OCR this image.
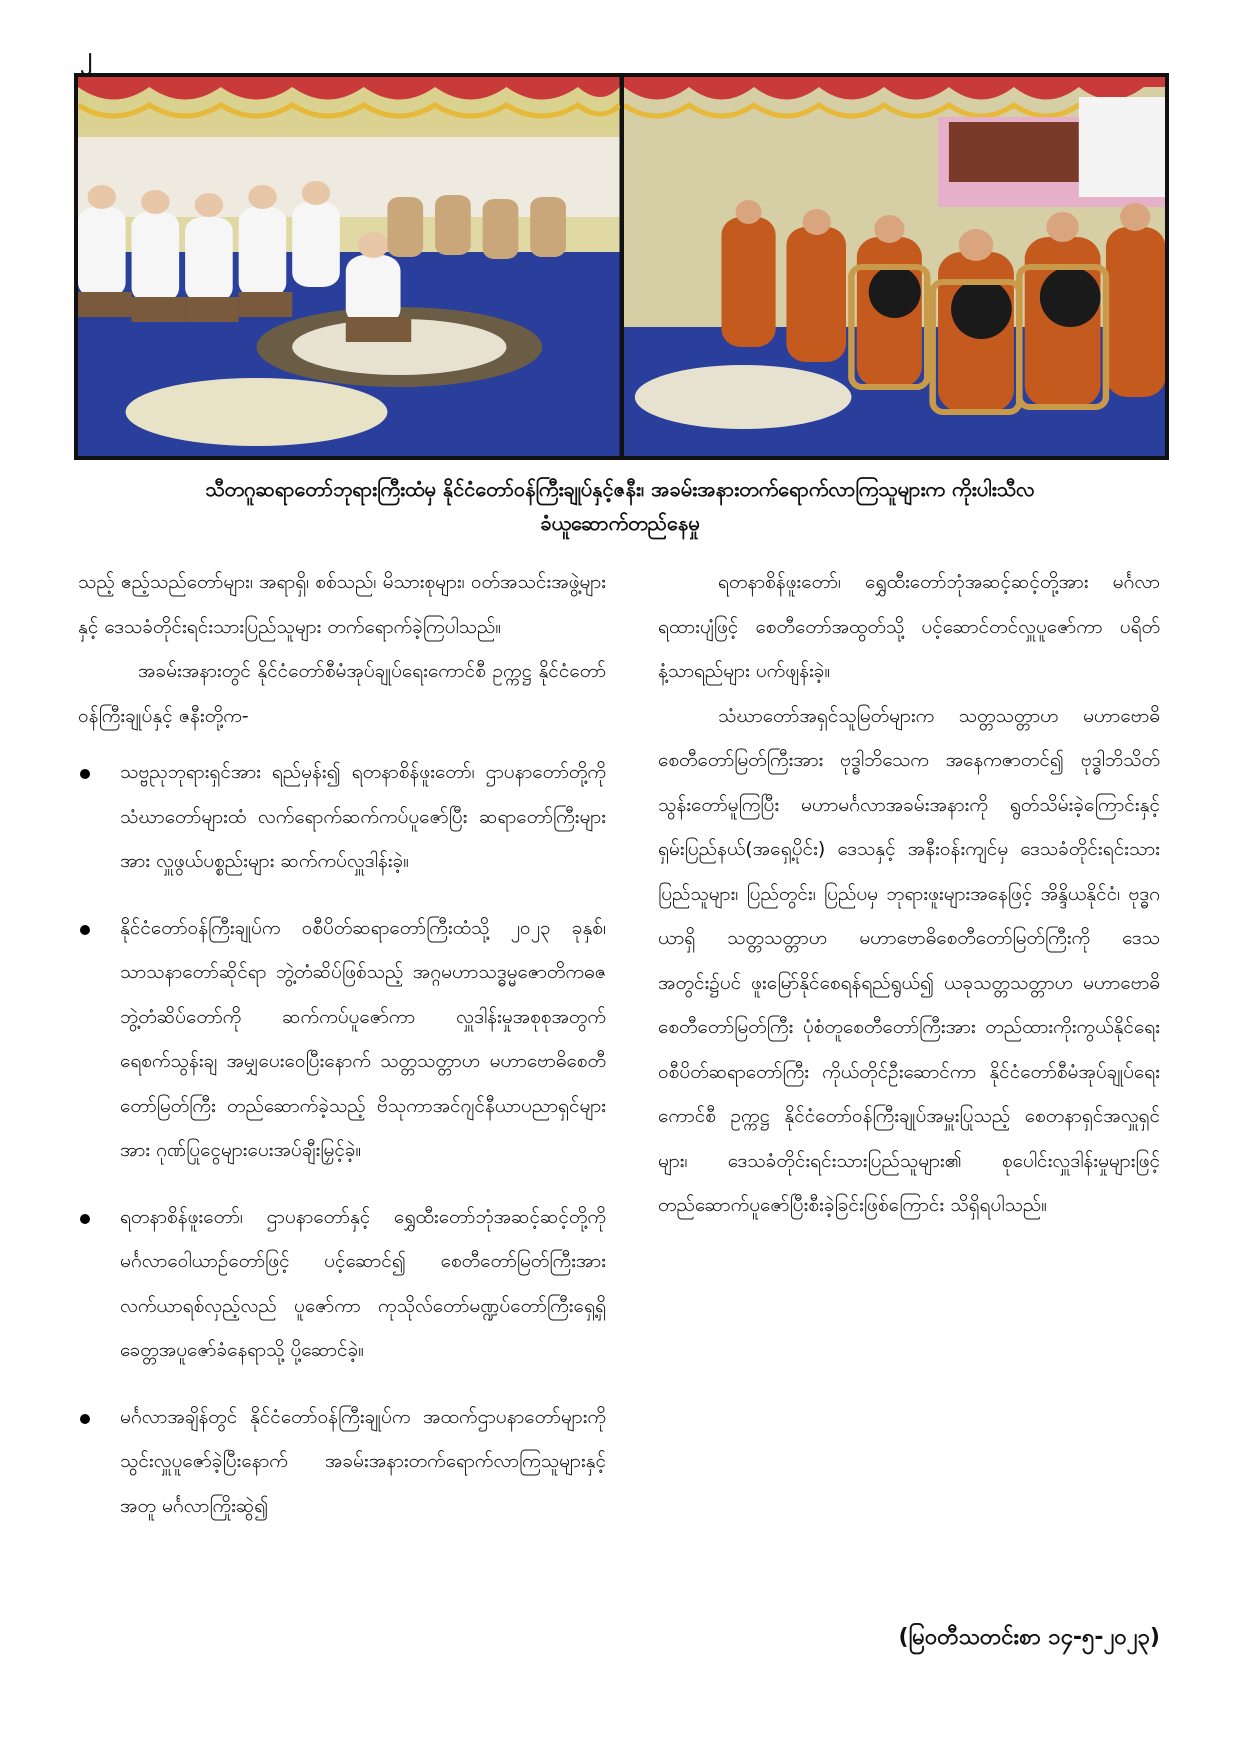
၂
သီတဂူဆရာတော်ဘုရားကြီးထံမှ နိုင်ငံတော်ဝန်ကြီးချုပ်နှင့်ဇနီး၊ အခမ်းအနားတက်ရောက်လာကြသူများက ကိုးပါးသီလ
ခံယူဆောက်တည်နေမှု

သည့် ဧည့်သည်တော်များ၊ အရာရှိ၊ စစ်သည်၊ မိသားစုများ၊ ဝတ်အသင်းအဖွဲ့များနှင့် ဒေသခံတိုင်းရင်းသားပြည်သူများ တက်ရောက်ခဲ့ကြပါသည်။

အခမ်းအနားတွင် နိုင်ငံတော်စီမံအုပ်ချုပ်ရေးကောင်စီ ဥက္ကဋ္ဌ နိုင်ငံတော်ဝန်ကြီးချုပ်နှင့် ဇနီးတို့က-

သဗ္ဗညုဘုရားရှင်အား ရည်မှန်း၍ ရတနာစိန်ဖူးတော်၊ ဌာပနာတော်တို့ကို သံဃာတော်များထံ လက်ရောက်ဆက်ကပ်ပူဇော်ပြီး ဆရာတော်ကြီးများအား လှူဖွယ်ပစ္စည်းများ ဆက်ကပ်လှူဒါန်းခဲ့။
နိုင်ငံတော်ဝန်ကြီးချုပ်က ဝစီပိတ်ဆရာတော်ကြီးထံသို့ ၂၀၂၃ ခုနှစ်၊ သာသနာတော်ဆိုင်ရာ ဘွဲ့တံဆိပ်ဖြစ်သည့် အဂ္ဂမဟာသဒ္ဓမ္မဇောတိကဓဇ ဘွဲ့တံဆိပ်တော်ကို ဆက်ကပ်ပူဇော်ကာ လှူဒါန်းမှုအစုစုအတွက် ရေစက်သွန်းချ အမျှပေးဝေပြီးနောက် သတ္တသတ္တာဟ မဟာဗောဓိစေတီတော်မြတ်ကြီး တည်ဆောက်ခဲ့သည့် ဗိသုကာအင်ဂျင်နီယာပညာရှင်များအား ဂုဏ်ပြုငွေများပေးအပ်ချီးမြှင့်ခဲ့။
ရတနာစိန်ဖူးတော်၊ ဌာပနာတော်နှင့် ရွှေထီးတော်ဘုံအဆင့်ဆင့်တို့ကို မင်္ဂလာဝေါယာဉ်တော်ဖြင့် ပင့်ဆောင်၍ စေတီတော်မြတ်ကြီးအား လက်ယာရစ်လှည့်လည် ပူဇော်ကာ ကုသိုလ်တော်မဏ္ဍပ်တော်ကြီးရှေ့ရှိ ခေတ္တအပူဇော်ခံနေရာသို့ ပို့ဆောင်ခဲ့။
မင်္ဂလာအချိန်တွင် နိုင်ငံတော်ဝန်ကြီးချုပ်က အထက်ဌာပနာတော်များကို သွင်းလှူပူဇော်ခဲ့ပြီးနောက် အခမ်းအနားတက်ရောက်လာကြသူများနှင့်အတူ မင်္ဂလာကြိုးဆွဲ၍

ရတနာစိန်ဖူးတော်၊ ရွှေထီးတော်ဘုံအဆင့်ဆင့်တို့အား မင်္ဂလာရထားပျံဖြင့် စေတီတော်အထွတ်သို့ ပင့်ဆောင်တင်လှူပူဇော်ကာ ပရိတ်နံ့သာရည်များ ပက်ဖျန်းခဲ့။

သံဃာတော်အရှင်သူမြတ်များက သတ္တသတ္တာဟ မဟာဗောဓိစေတီတော်မြတ်ကြီးအား ဗုဒ္ဓါဘိသေက အနေကဇာတင်၍ ဗုဒ္ဓါဘိသိတ်သွန်းတော်မူကြပြီး မဟာမင်္ဂလာအခမ်းအနားကို ရွတ်သိမ်းခဲ့ကြောင်းနှင့် ရှမ်းပြည်နယ်(အရှေ့ပိုင်း) ဒေသနှင့် အနီးဝန်းကျင်မှ ဒေသခံတိုင်းရင်းသားပြည်သူများ၊ ပြည်တွင်း၊ ပြည်ပမှ ဘုရားဖူးများအနေဖြင့် အိန္ဒိယနိုင်ငံ၊ ဗုဒ္ဓဂယာရှိ သတ္တသတ္တာဟ မဟာဗောဓိစေတီတော်မြတ်ကြီးကို ဒေသအတွင်း၌ပင် ဖူးမြော်နိုင်စေရန်ရည်ရွယ်၍ ယခုသတ္တသတ္တာဟ မဟာဗောဓိစေတီတော်မြတ်ကြီး ပုံစံတူစေတီတော်ကြီးအား တည်ထားကိုးကွယ်နိုင်ရေး ဝစီပိတ်ဆရာတော်ကြီး ကိုယ်တိုင်ဦးဆောင်ကာ နိုင်ငံတော်စီမံအုပ်ချုပ်ရေးကောင်စီ ဥက္ကဋ္ဌ နိုင်ငံတော်ဝန်ကြီးချုပ်အမှူးပြုသည့် စေတနာရှင်အလှူရှင်များ၊ ဒေသခံတိုင်းရင်းသားပြည်သူများ၏ စုပေါင်းလှူဒါန်းမှုများဖြင့် တည်ဆောက်ပူဇော်ပြီးစီးခဲ့ခြင်းဖြစ်ကြောင်း သိရှိရပါသည်။

(မြဝတီသတင်းစာ ၁၄-၅-၂၀၂၃)
